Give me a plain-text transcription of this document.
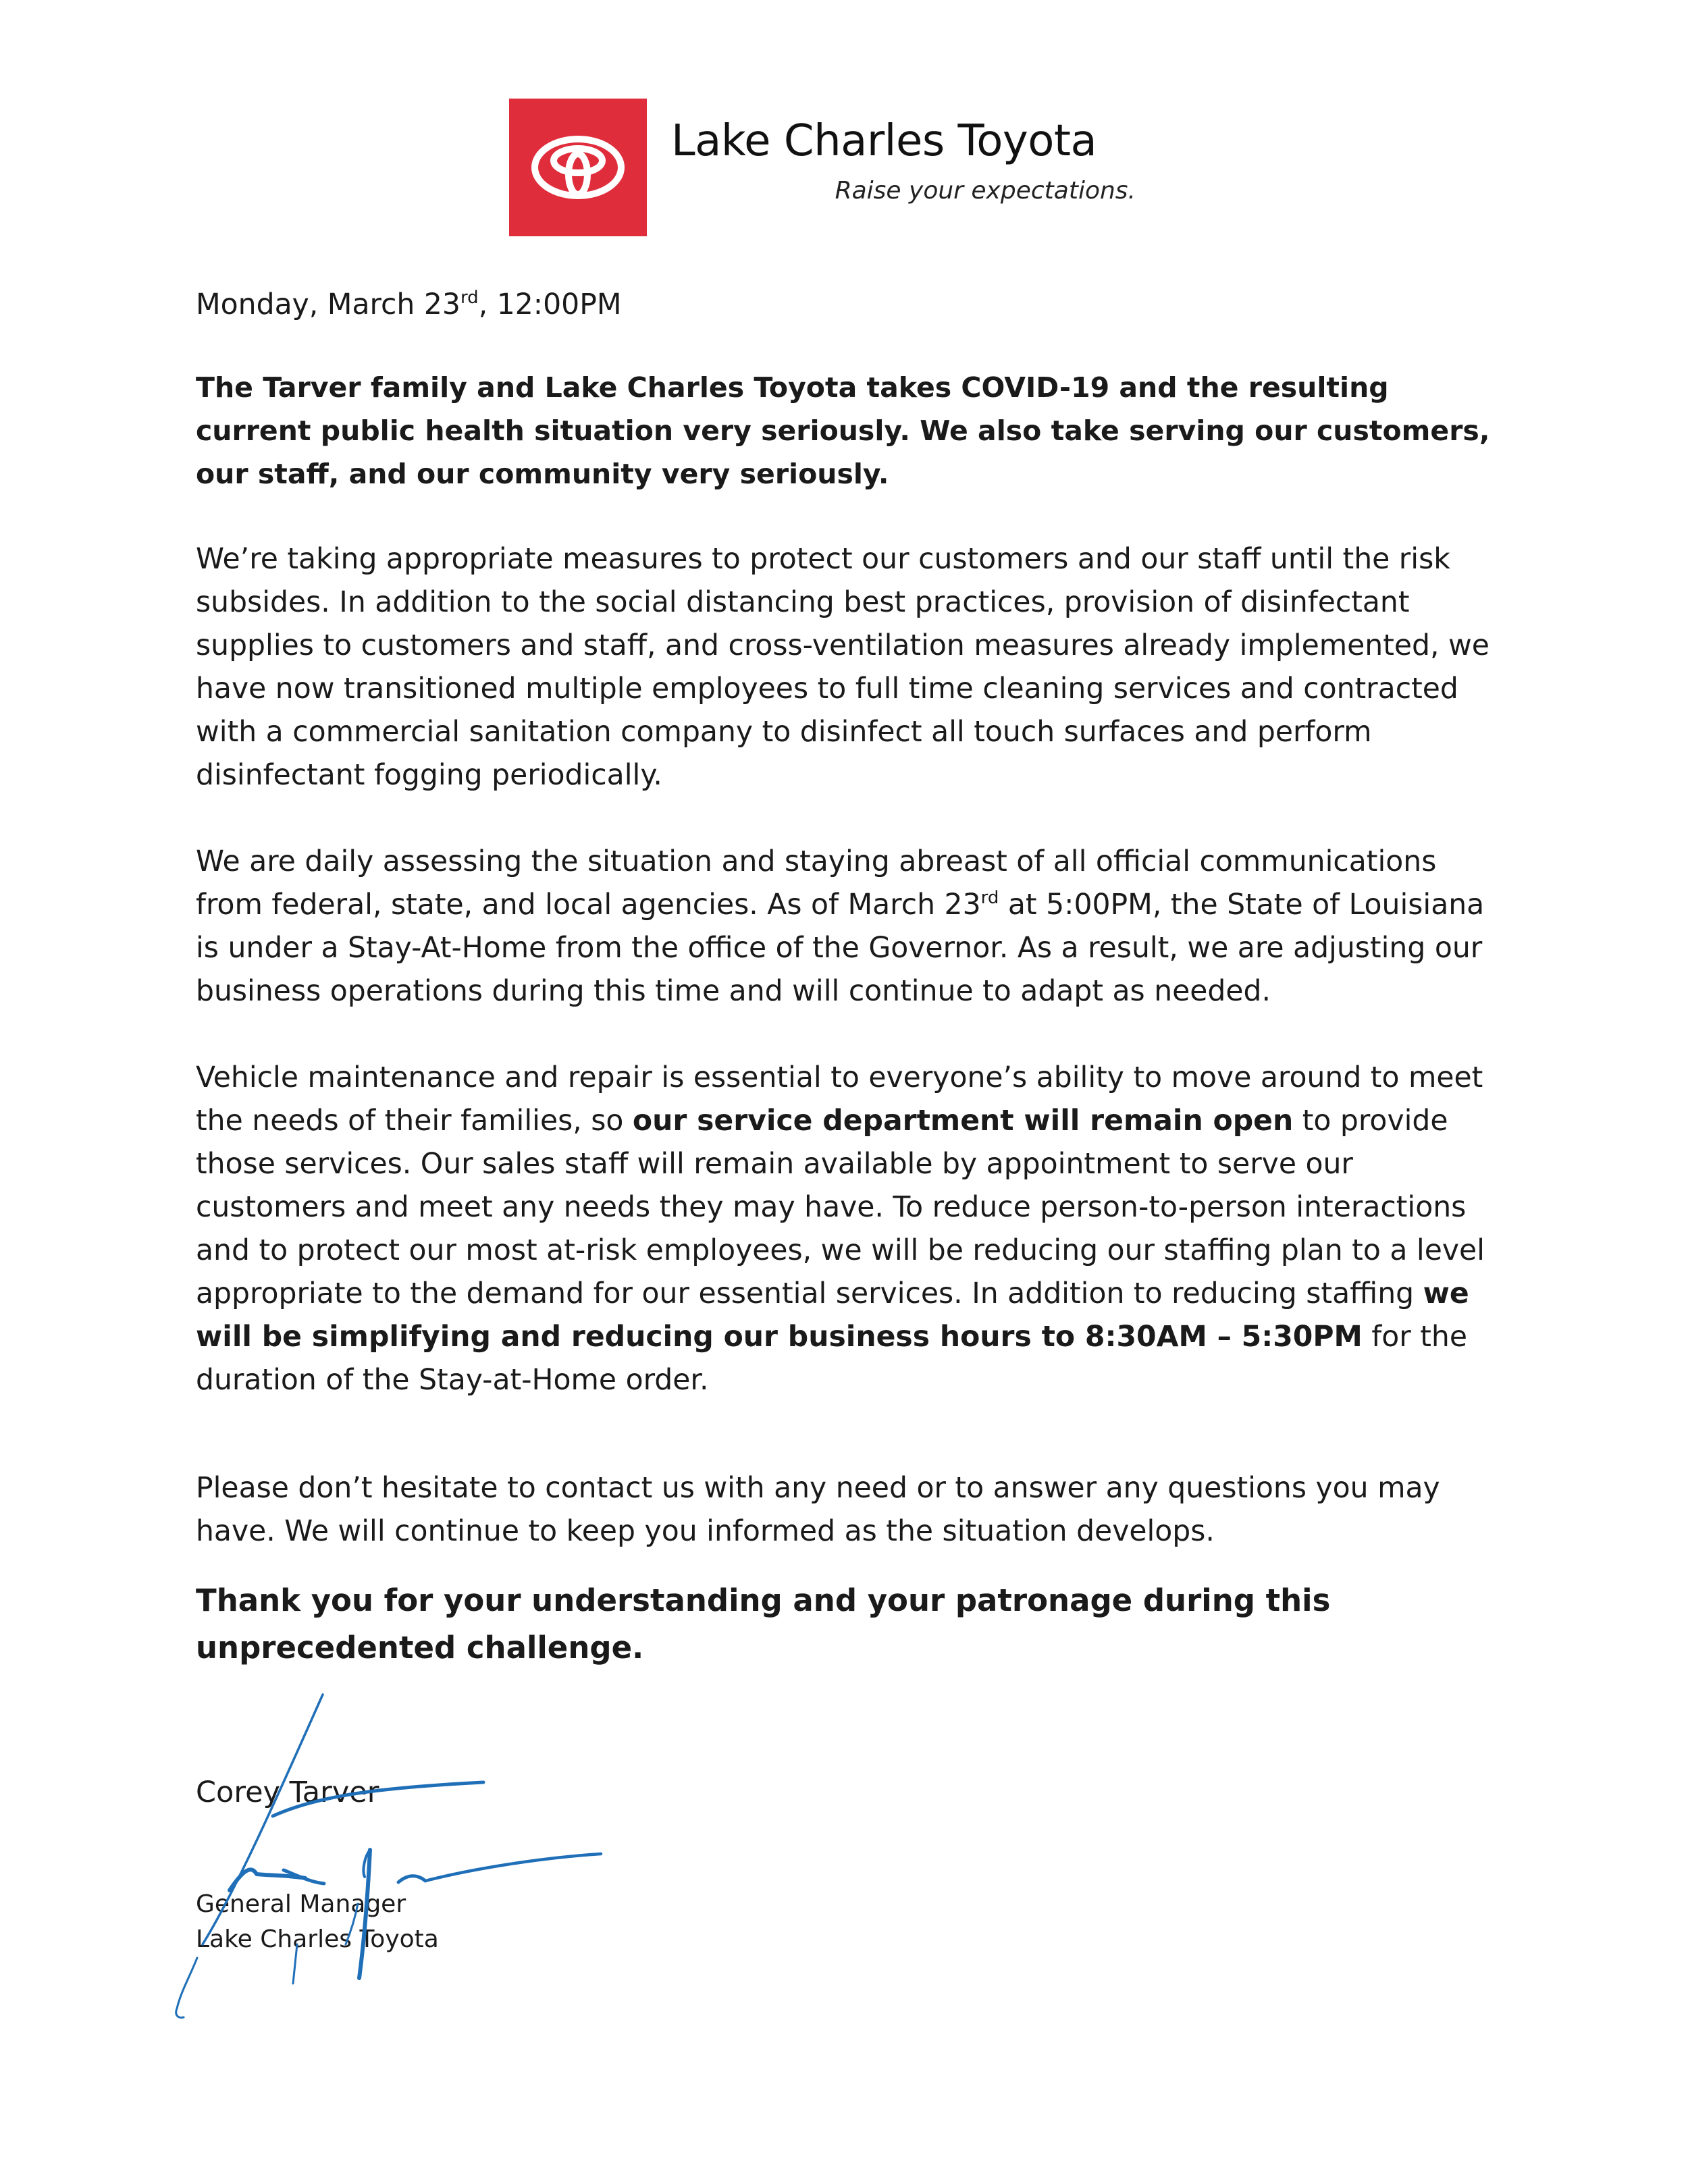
Lake Charles Toyota
Raise your expectations.
Monday, March 23rd, 12:00PM
The Tarver family and Lake Charles Toyota takes COVID-19 and the resulting current public health situation very seriously. We also take serving our customers, our staff, and our community very seriously.
We’re taking appropriate measures to protect our customers and our staff until the risk subsides. In addition to the social distancing best practices, provision of disinfectant supplies to customers and staff, and cross-ventilation measures already implemented, we have now transitioned multiple employees to full time cleaning services and contracted with a commercial sanitation company to disinfect all touch surfaces and perform disinfectant fogging periodically.
We are daily assessing the situation and staying abreast of all official communications from federal, state, and local agencies. As of March 23rd at 5:00PM, the State of Louisiana is under a Stay-At-Home from the office of the Governor. As a result, we are adjusting our business operations during this time and will continue to adapt as needed.
Vehicle maintenance and repair is essential to everyone’s ability to move around to meet the needs of their families, so our service department will remain open to provide those services. Our sales staff will remain available by appointment to serve our customers and meet any needs they may have. To reduce person-to-person interactions and to protect our most at-risk employees, we will be reducing our staffing plan to a level appropriate to the demand for our essential services. In addition to reducing staffing we will be simplifying and reducing our business hours to 8:30AM – 5:30PM for the duration of the Stay-at-Home order.
Please don’t hesitate to contact us with any need or to answer any questions you may have. We will continue to keep you informed as the situation develops.
Thank you for your understanding and your patronage during this unprecedented challenge.
Corey Tarver
General Manager
Lake Charles Toyota
